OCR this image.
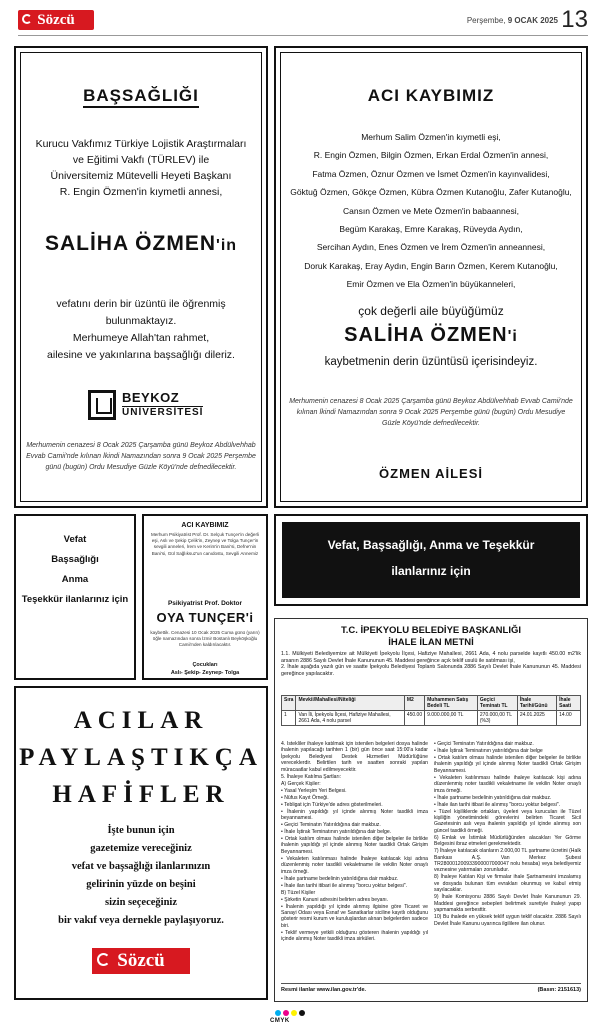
Sözcü	Perşembe, 9 OCAK 2025 13
BAŞSAĞLIĞI
Kurucu Vakfımız Türkiye Lojistik Araştırmaları
ve Eğitimi Vakfı (TÜRLEV) ile
Üniversitemiz Mütevelli Heyeti Başkanı
R. Engin Özmen'in kıymetli annesi,
SALİHA ÖZMEN'in
vefatını derin bir üzüntü ile öğrenmiş
bulunmaktayız.
Merhumeye Allah'tan rahmet,
ailesine ve yakınlarına başsağlığı dileriz.
BEYKOZ
ÜNİVERSİTESİ
Merhumenin cenazesi 8 Ocak 2025 Çarşamba günü Beykoz Abdülvehhab Evvab Camii'nde kılınan İkindi Namazından sonra 9 Ocak 2025 Perşembe günü (bugün) Ordu Mesudiye Güzle Köyü'nde defnedilecektir.
ACI KAYBIMIZ
Merhum Salim Özmen'in kıymetli eşi,
R. Engin Özmen, Bilgin Özmen, Erkan Erdal Özmen'in annesi,
Fatma Özmen, Öznur Özmen ve İsmet Özmen'in kayınvalidesi,
Göktuğ Özmen, Gökçe Özmen, Kübra Özmen Kutanoğlu, Zafer Kutanoğlu,
Cansın Özmen ve Mete Özmen'in babaannesi,
Begüm Karakaş, Emre Karakaş, Rüveyda Aydın,
Sercihan Aydın, Enes Özmen ve İrem Özmen'in anneannesi,
Doruk Karakaş, Eray Aydın, Engin Barın Özmen, Kerem Kutanoğlu,
Emir Özmen ve Ela Özmen'in büyükanneleri,
çok değerli aile büyüğümüz
SALİHA ÖZMEN'i
kaybetmenin derin üzüntüsü içerisindeyiz.
Merhumenin cenazesi 8 Ocak 2025 Çarşamba günü Beykoz Abdülvehhab Evvab Camii'nde kılınan İkindi Namazından sonra 9 Ocak 2025 Perşembe günü (bugün) Ordu Mesudiye Güzle Köyü'nde defnedilecektir.
ÖZMEN AİLESİ
Vefat
Başsağlığı
Anma
Teşekkür ilanlarınız için
ACI KAYBIMIZ
Merhum Psikiyatrist Prof. Dr. Selçuk Tunçer'in değerli eşi, Aslı ve Şekip Çelik'in, Zeynep ve Tolga Tunçer'in sevgili anneleri, İrem ve Kerim'in Bani'si, Defne'nin Bani'si, Gül Sağlıksuz'un canıdostu, Sevgili Annemiz
Psikiyatrist Prof. Doktor
OYA TUNÇER'i
kaybettik. Cenazesi 10 Ocak 2025 Cuma günü (yarın) öğle namazından sonra İzmir Bostanlı Beyköşkoğlu Camii'nden kaldırılacaktır.
Çocukları
Aslı- Şekip- Zeynep- Tolga
Vefat, Başsağlığı, Anma ve Teşekkür
ilanlarınız için
ACILAR
PAYLAŞTIKÇA
HAFİFLER
İşte bunun için
gazetemize vereceğiniz
vefat ve başsağlığı ilanlarınızın
gelirinin yüzde on beşini
sizin seçeceğiniz
bir vakıf veya dernekle paylaşıyoruz.
Sözcü
T.C. İPEKYOLU BELEDİYE BAŞKANLIĞI
İHALE İLAN METNİ
1.1. Mülkiyeti Belediyemize ait Mülkiyeti İpekyolu İlçesi, Hafiziye Mahallesi, 2661 Ada, 4 nolu parselde kayıtlı 450.00 m2'lik arsanın 2886 Sayılı Devlet İhale Kanununun 45. Maddesi gereğince açık teklif usulü ile satılması işi,
2. İhale aşağıda yazılı gün ve saatte İpekyolu Belediyesi Toplantı Salonunda 2886 Sayılı Devlet İhale Kanununun 45. Maddesi gereğince yapılacaktır.
Sıra	Mevkii/Mahallesi/Niteliği	M2	Muhammen Satış Bedeli TL	Geçici Teminatı TL	İhale Tarihi/Günü	İhale Saati
1	Van İli, İpekyolu İlçesi, Hafiziye Mahallesi, 2661 Ada, 4 nolu parsel	450.00	9.000.000,00 TL	270.000,00 TL (%3)	24.01.2025	14.00

4. İstekliler ihaleye katılmak için istenilen belgeleri dosya halinde ihalenin yapılacağı tarihten 1 (bir) gün önce saat 15:00'a kadar İpekyolu Belediyesi Destek Hizmetleri Müdürlüğüne vereceklerdir. Belirtilen tarih ve saatten sonraki yapılan müracaatlar kabul edilmeyecektir.

5. İhaleye Katılma Şartları:

A) Gerçek Kişiler:

• Yasal Yerleşim Yeri Belgesi.

• Nüfus Kayıt Örneği.

• Tebligat için Türkiye'de adres gösterilmeleri.

• İhalenin yapıldığı yıl içinde alınmış Noter tasdikli imza beyannamesi.

• Geçici Teminatın Yatırıldığına dair makbuz.

• İhale İştirak Teminatının yatırıldığına dair belge.

• Ortak katılım olması halinde istenilen diğer belgeler ile birlikte ihalenin yapıldığı yıl içinde alınmış Noter tasdikli Ortak Girişim Beyannamesi.

• Vekaleten katılınması halinde İhaleye katılacak kişi adına düzenlenmiş noter tasdikli vekaletname ile vekilin Noter onaylı imza örneği.

• İhale şartname bedelinin yatırıldığına dair makbuz.

• İhale ilan tarihi itibari ile alınmış "borcu yoktur belgesi".

B) Tüzel Kişiler

• Şirketin Kanuni adresini belirten adres beyanı.

• İhalenin yapıldığı yıl içinde alınmış ilgisine göre Ticaret ve Sanayi Odası veya Esnaf ve Sanatkarlar siciline kayıtlı olduğunu gösterir resmi kurum ve kuruluşlardan alınan belgelerden sadece biri.

• Teklif vermeye yetkili olduğunu gösteren ihalenin yapıldığı yıl içinde alınmış Noter tasdikli imza sirküleri.

• Geçici Teminatın Yatırıldığına dair makbuz.

• İhale İştirak Teminatının yatırıldığına dair belge

• Ortak katılım olması halinde istenilen diğer belgeler ile birlikte ihalenin yapıldığı yıl içinde alınmış Noter tasdikli Ortak Girişim Beyannamesi.

• Vekaleten katılınması halinde ihaleye katılacak kişi adına düzenlenmiş noter tasdikli vekaletname ile vekilin Noter onaylı imza örneği.

• İhale şartname bedelinin yatırıldığına dair makbuz.

• İhale ilan tarihi itibari ile alınmış "borcu yoktur belgesi".

• Tüzel kişiliklerde ortakları, üyeleri veya kurucuları ile Tüzel kişiliğin yönetimindeki görevlerini belirten Ticaret Sicil Gazetesinin aslı veya ihalenin yapıldığı yıl içinde alınmış son güncel tasdikli örneği.

6) Emlak ve İstimlak Müdürlüğünden alacakları Yer Görme Belgesini ibraz etmeleri gerekmektedir.

7) İhaleye katılacak olanların 2.000,00 TL şartname ücretini (Halk Bankası A.Ş. Van Merkez Şubesi TR280001200933900007000047 nolu hesaba) veya belediyemiz veznesine yatırmaları zorunludur.

8) İhaleye Katılan Kişi ve firmalar ihale Şartnamesini imzalamış ve dosyada bulunan tüm evrakları okunmuş ve kabul etmiş sayılacaklar.

9) İhale Komisyonu 2886 Sayılı Devlet İhale Kanununun 29. Maddesi gereğince sebepleri belirtmek suretiyle ihaleyi yapıp yapmamakta serbesttir.

10) Bu ihalede en yüksek teklif uygun teklif olacaktır. 2886 Sayılı Devlet İhale Kanunu uyarınca ilgililere ilan olunur.

Resmi ilanlar www.ilan.gov.tr'de.	(Basın: 2151613)
CMYK
